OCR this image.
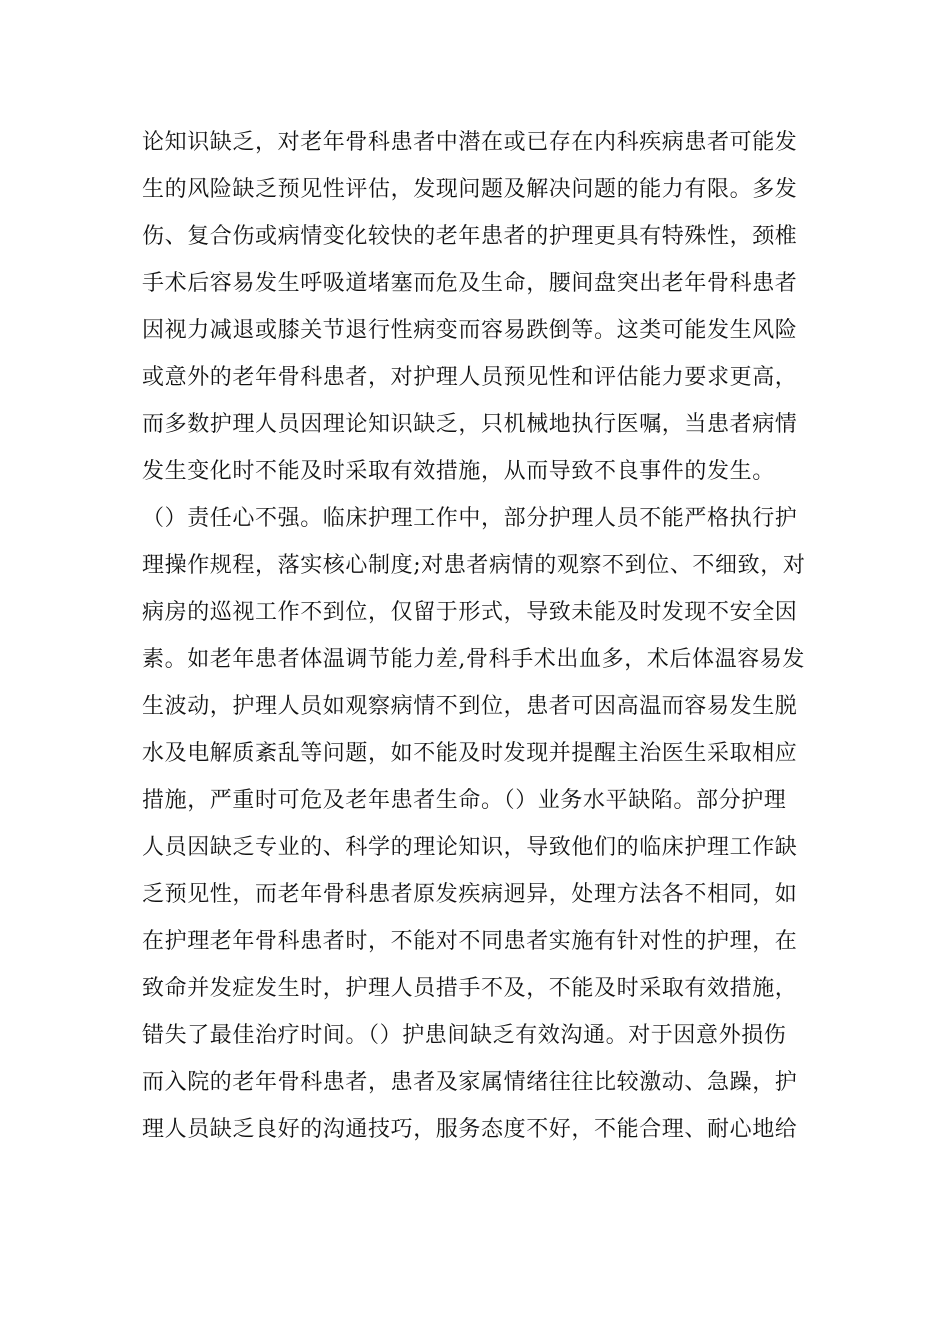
论知识缺乏，对老年骨科患者中潜在或已存在内科疾病患者可能发
生的风险缺乏预见性评估，发现问题及解决问题的能力有限。多发
伤、复合伤或病情变化较快的老年患者的护理更具有特殊性，颈椎
手术后容易发生呼吸道堵塞而危及生命，腰间盘突出老年骨科患者
因视力减退或膝关节退行性病变而容易跌倒等。这类可能发生风险
或意外的老年骨科患者，对护理人员预见性和评估能力要求更高，
而多数护理人员因理论知识缺乏，只机械地执行医嘱，当患者病情
发生变化时不能及时采取有效措施，从而导致不良事件的发生。
（）责任心不强。临床护理工作中，部分护理人员不能严格执行护
理操作规程，落实核心制度;对患者病情的观察不到位、不细致，对
病房的巡视工作不到位，仅留于形式，导致未能及时发现不安全因
素。如老年患者体温调节能力差,骨科手术出血多，术后体温容易发
生波动，护理人员如观察病情不到位，患者可因高温而容易发生脱
水及电解质紊乱等问题，如不能及时发现并提醒主治医生采取相应
措施，严重时可危及老年患者生命。（）业务水平缺陷。部分护理
人员因缺乏专业的、科学的理论知识，导致他们的临床护理工作缺
乏预见性，而老年骨科患者原发疾病迥异，处理方法各不相同，如
在护理老年骨科患者时，不能对不同患者实施有针对性的护理，在
致命并发症发生时，护理人员措手不及，不能及时采取有效措施，
错失了最佳治疗时间。（）护患间缺乏有效沟通。对于因意外损伤
而入院的老年骨科患者，患者及家属情绪往往比较激动、急躁，护
理人员缺乏良好的沟通技巧，服务态度不好，不能合理、耐心地给
